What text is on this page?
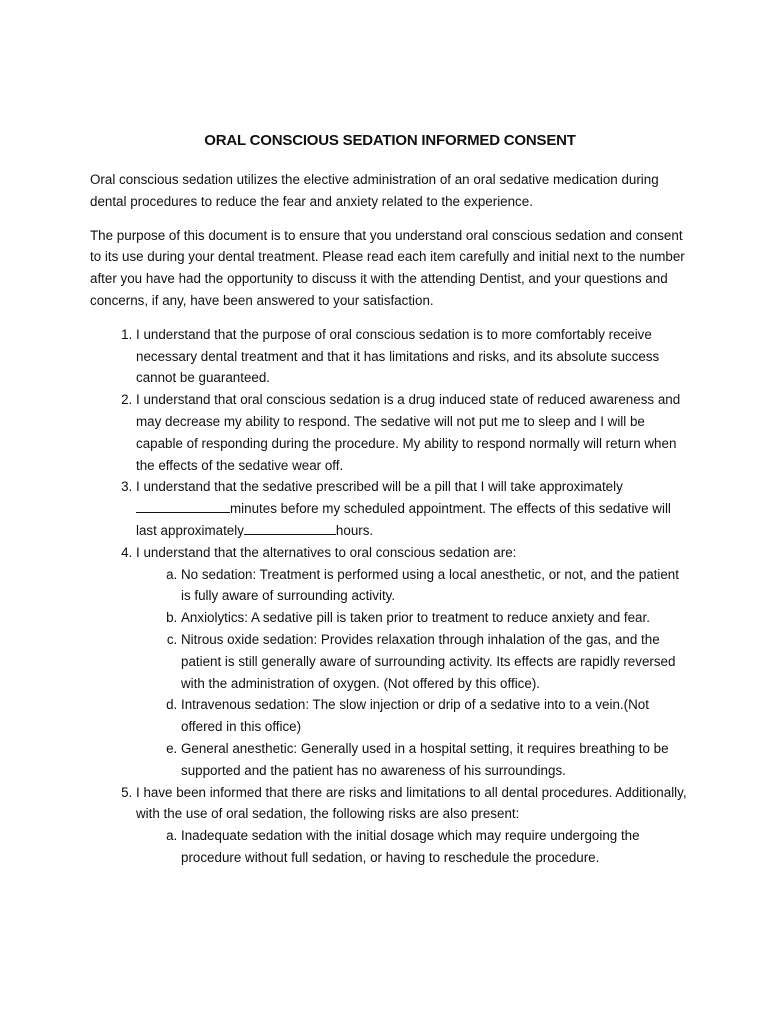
ORAL CONSCIOUS SEDATION INFORMED CONSENT

Oral conscious sedation utilizes the elective administration of an oral sedative medication during dental procedures to reduce the fear and anxiety related to the experience.

The purpose of this document is to ensure that you understand oral conscious sedation and consent to its use during your dental treatment. Please read each item carefully and initial next to the number after you have had the opportunity to discuss it with the attending Dentist, and your questions and concerns, if any, have been answered to your satisfaction.

1. I understand that the purpose of oral conscious sedation is to more comfortably receive necessary dental treatment and that it has limitations and risks, and its absolute success cannot be guaranteed.
2. I understand that oral conscious sedation is a drug induced state of reduced awareness and may decrease my ability to respond. The sedative will not put me to sleep and I will be capable of responding during the procedure. My ability to respond normally will return when the effects of the sedative wear off.
3. I understand that the sedative prescribed will be a pill that I will take approximately minutes before my scheduled appointment. The effects of this sedative will last approximately	hours.
4. I understand that the alternatives to oral conscious sedation are:
a. No sedation: Treatment is performed using a local anesthetic, or not, and the patient is fully aware of surrounding activity.
b. Anxiolytics: A sedative pill is taken prior to treatment to reduce anxiety and fear.
c. Nitrous oxide sedation: Provides relaxation through inhalation of the gas, and the patient is still generally aware of surrounding activity. Its effects are rapidly reversed with the administration of oxygen. (Not offered by this office).
d. Intravenous sedation: The slow injection or drip of a sedative into to a vein.(Not offered in this office)
e. General anesthetic: Generally used in a hospital setting, it requires breathing to be supported and the patient has no awareness of his surroundings.
5. I have been informed that there are risks and limitations to all dental procedures. Additionally, with the use of oral sedation, the following risks are also present:
a. Inadequate sedation with the initial dosage which may require undergoing the procedure without full sedation, or having to reschedule the procedure.
